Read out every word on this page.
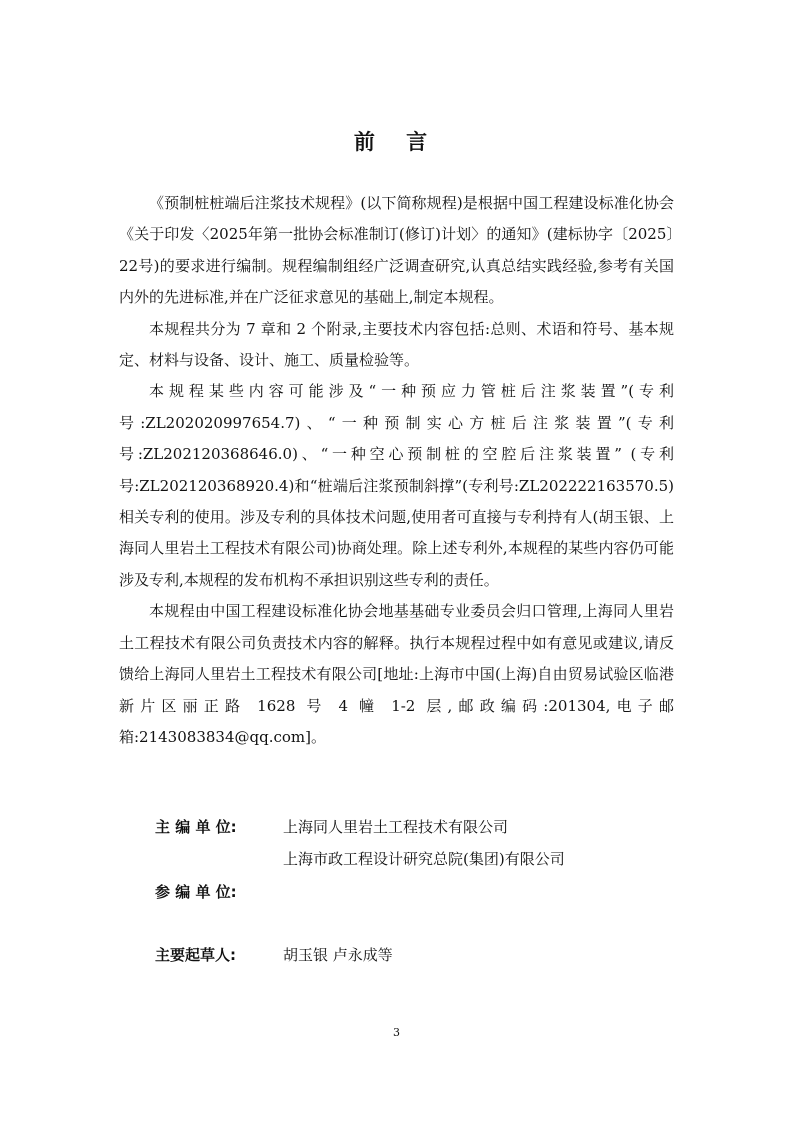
前 言

《预制桩桩端后注浆技术规程》(以下简称规程)是根据中国工程建设标准化协会《关于印发〈2025年第一批协会标准制订(修订)计划〉的通知》(建标协字〔2025〕22号)的要求进行编制。规程编制组经广泛调查研究,认真总结实践经验,参考有关国内外的先进标准,并在广泛征求意见的基础上,制定本规程。

本规程共分为 7 章和 2 个附录,主要技术内容包括:总则、术语和符号、基本规定、材料与设备、设计、施工、质量检验等。

本规程某些内容可能涉及“一种预应力管桩后注浆装置”(专利号:ZL202020997654.7)、“一种预制实心方桩后注浆装置”(专利号:ZL202120368646.0)、“一种空心预制桩的空腔后注浆装置” (专利号:ZL202120368920.4)和“桩端后注浆预制斜撑”(专利号:ZL202222163570.5)相关专利的使用。涉及专利的具体技术问题,使用者可直接与专利持有人(胡玉银、上海同人里岩土工程技术有限公司)协商处理。除上述专利外,本规程的某些内容仍可能涉及专利,本规程的发布机构不承担识别这些专利的责任。

本规程由中国工程建设标准化协会地基基础专业委员会归口管理,上海同人里岩土工程技术有限公司负责技术内容的解释。执行本规程过程中如有意见或建议,请反馈给上海同人里岩土工程技术有限公司[地址:上海市中国(上海)自由贸易试验区临港新片区丽正路 1628 号 4 幢 1-2 层,邮政编码:201304,电子邮箱:2143083834@qq.com]。

主 编 单 位:	上海同人里岩土工程技术有限公司
上海市政工程设计研究总院(集团)有限公司
参 编 单 位:
主要起草人:	胡玉银 卢永成等
3
